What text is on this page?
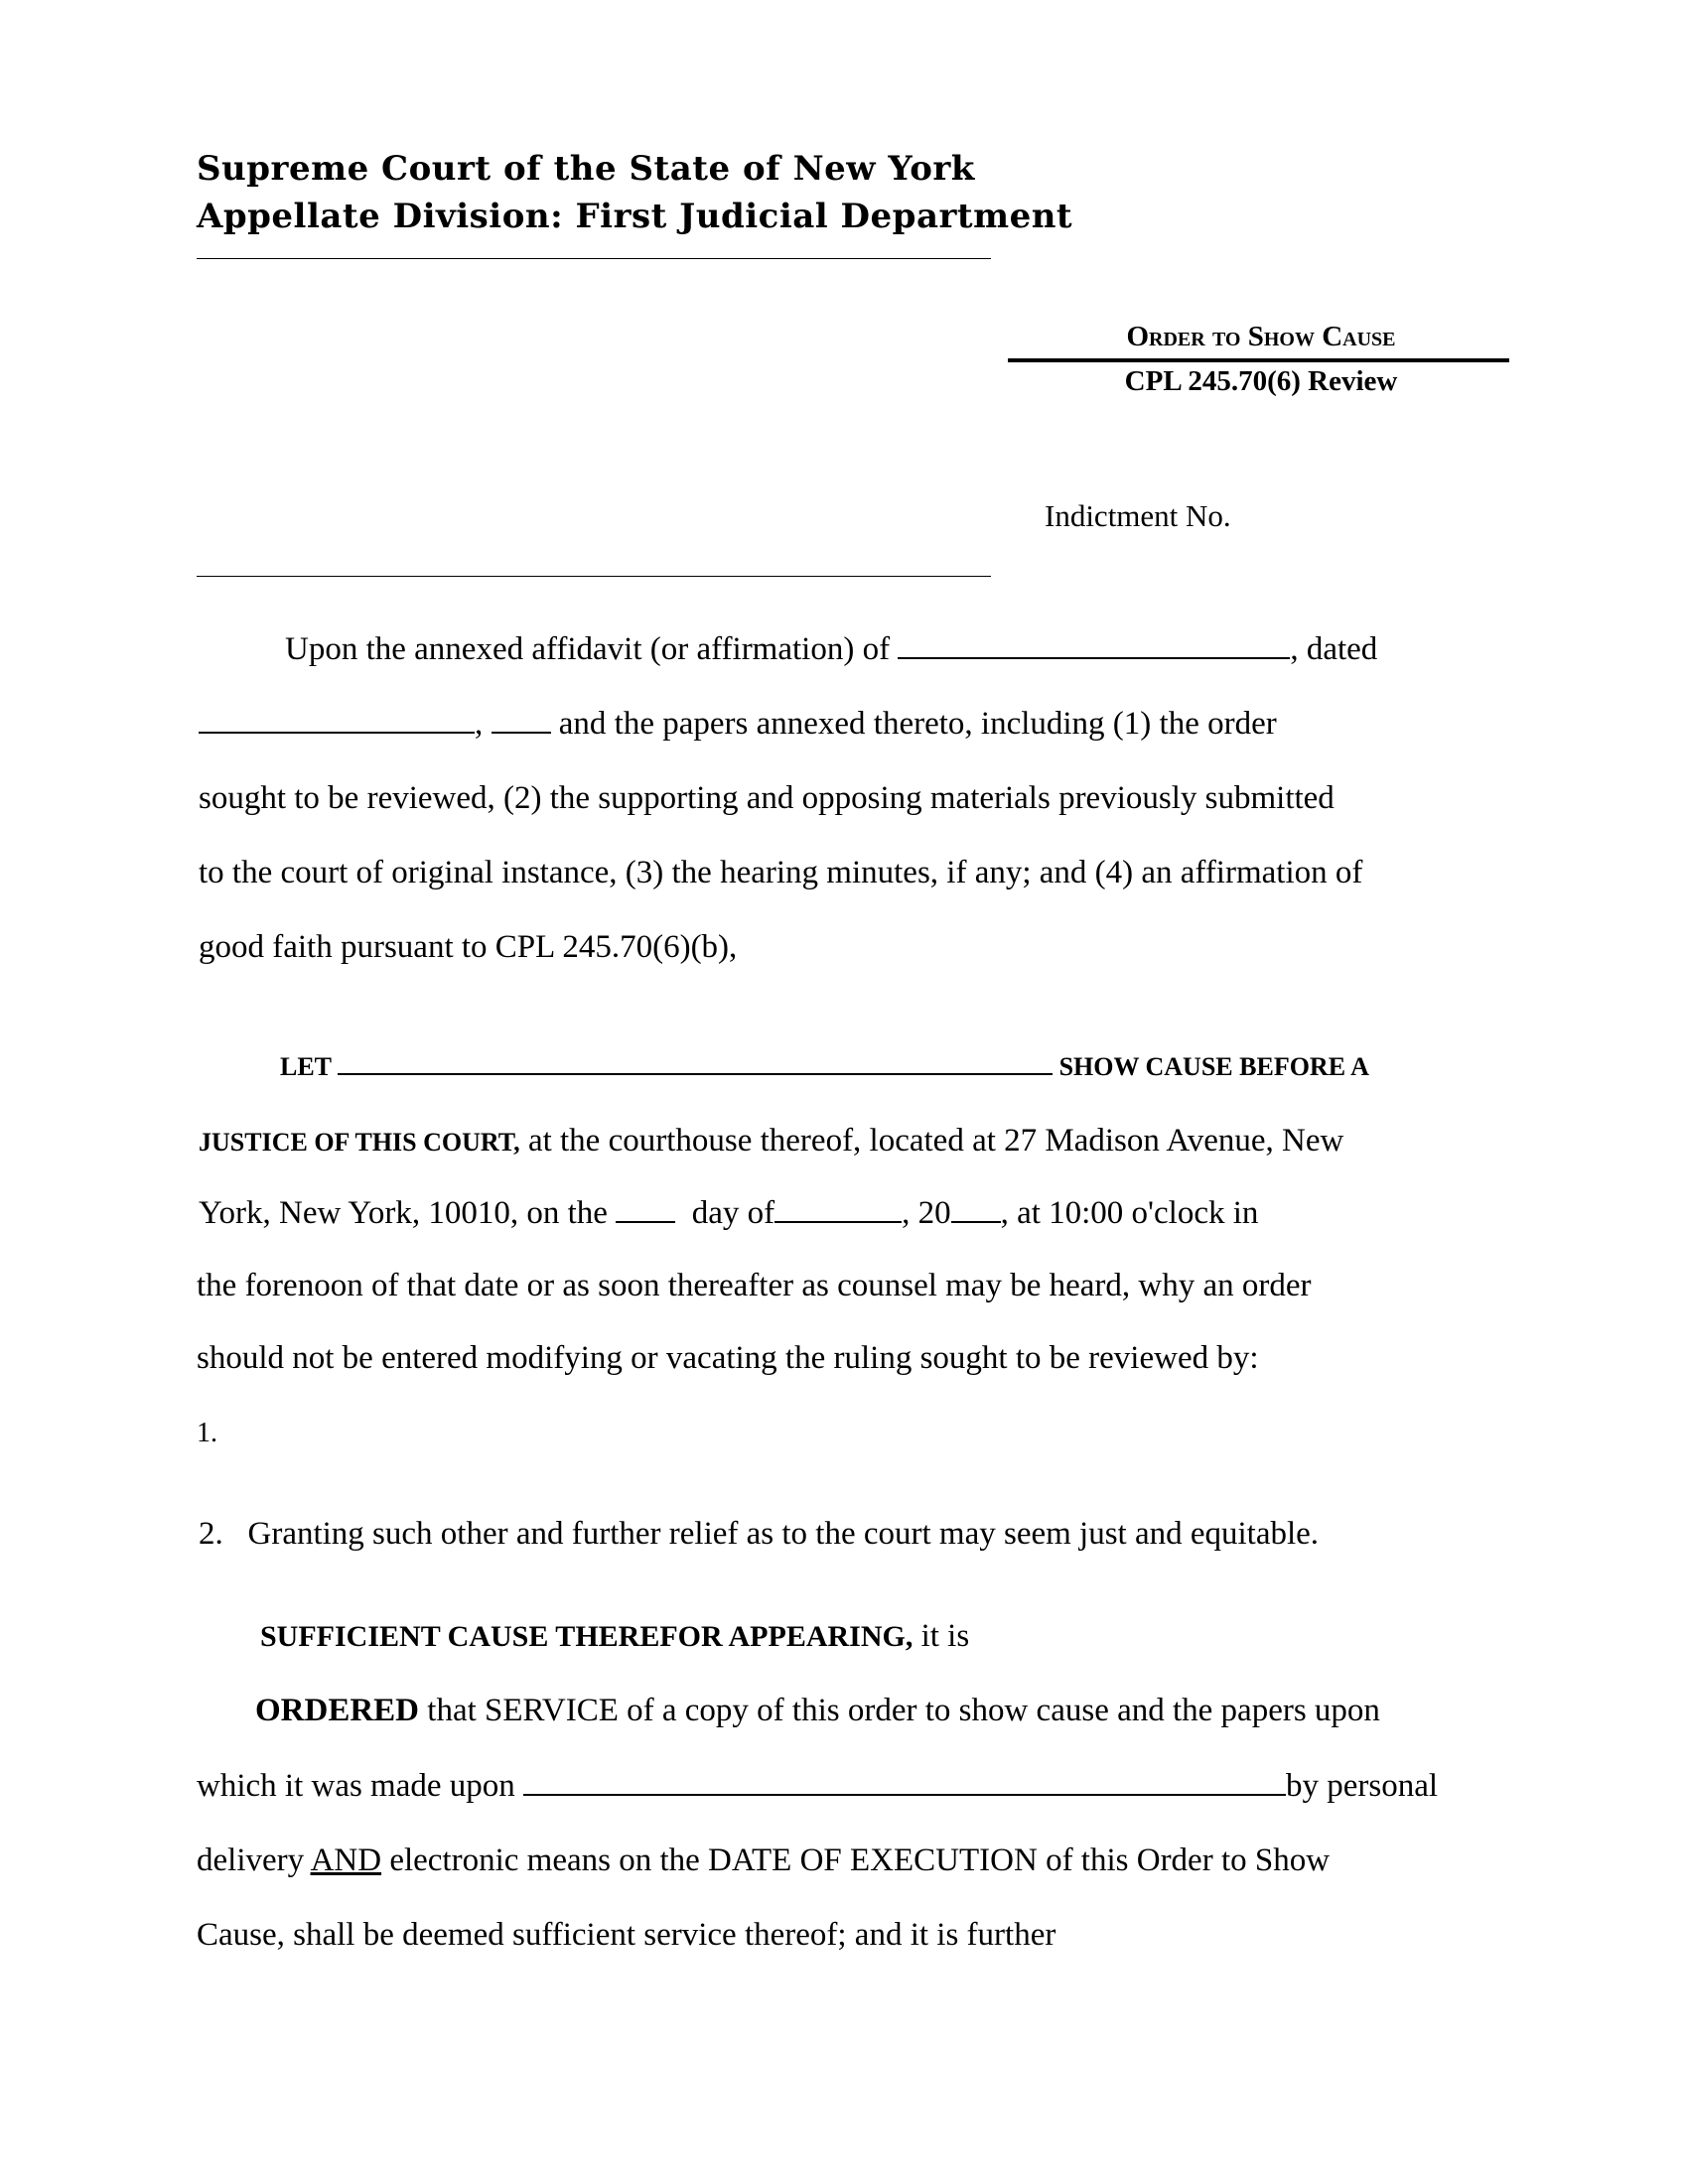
Supreme Court of the State of New York
Appellate Division: First Judicial Department
Order to Show Cause
CPL 245.70(6) Review
Indictment No.
Upon the annexed affidavit (or affirmation) of	, dated
, and the papers annexed thereto, including (1) the order
sought to be reviewed, (2) the supporting and opposing materials previously submitted
to the court of original instance, (3) the hearing minutes, if any; and (4) an affirmation of
good faith pursuant to CPL 245.70(6)(b),
LET	SHOW CAUSE BEFORE A
JUSTICE OF THIS COURT, at the courthouse thereof, located at 27 Madison Avenue, New
York, New York, 10010, on the	day of	, 20 , at 10:00 o'clock in
the forenoon of that date or as soon thereafter as counsel may be heard, why an order
should not be entered modifying or vacating the ruling sought to be reviewed by:
1.
2. Granting such other and further relief as to the court may seem just and equitable.
SUFFICIENT CAUSE THEREFOR APPEARING, it is
ORDERED that SERVICE of a copy of this order to show cause and the papers upon
which it was made upon	by personal
delivery AND electronic means on the DATE OF EXECUTION of this Order to Show
Cause, shall be deemed sufficient service thereof; and it is further
